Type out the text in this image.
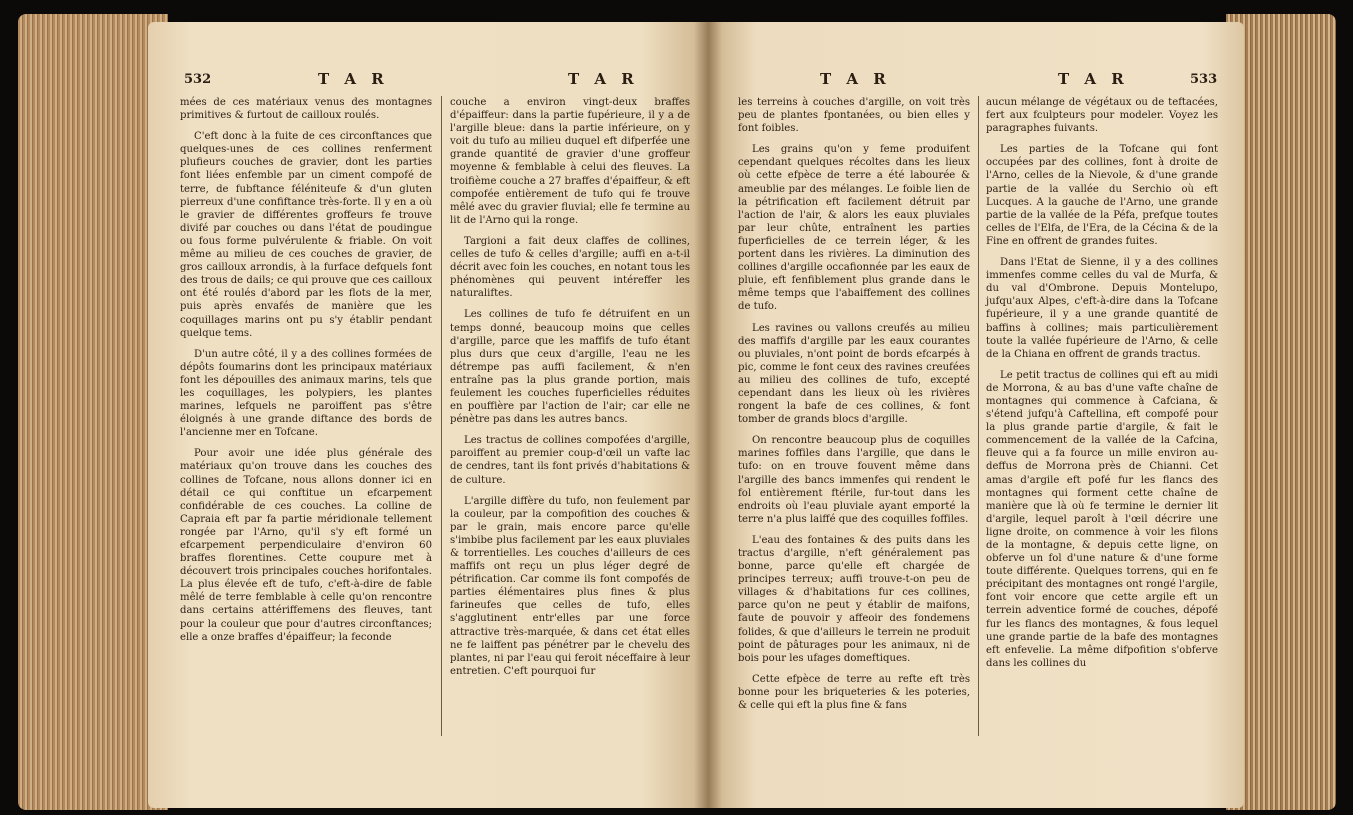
532	T A R	T A R

mées de ces matériaux venus des montagnes primitives & furtout de cailloux roulés.

C'eft donc à la fuite de ces circonftances que quelques-unes de ces collines renferment plufieurs couches de gravier, dont les parties font liées enfemble par un ciment compofé de terre, de fubftance féléniteufe & d'un gluten pierreux d'une confiftance très-forte. Il y en a où le gravier de différentes groffeurs fe trouve divifé par couches ou dans l'état de poudingue ou fous forme pulvérulente & friable. On voit même au milieu de ces couches de gravier, de gros cailloux arrondis, à la furface defquels font des trous de dails; ce qui prouve que ces cailloux ont été roulés d'abord par les flots de la mer, puis après envafés de manière que les coquillages marins ont pu s'y établir pendant quelque tems.

D'un autre côté, il y a des collines formées de dépôts foumarins dont les principaux matériaux font les dépouilles des animaux marins, tels que les coquillages, les polypiers, les plantes marines, lefquels ne paroiffent pas s'être éloignés à une grande diftance des bords de l'ancienne mer en Tofcane.

Pour avoir une idée plus générale des matériaux qu'on trouve dans les couches des collines de Tofcane, nous allons donner ici en détail ce qui conftitue un efcarpement confidérable de ces couches. La colline de Capraia eft par fa partie méridionale tellement rongée par l'Arno, qu'il s'y eft formé un efcarpement perpendiculaire d'environ 60 braffes florentines. Cette coupure met à découvert trois principales couches horifontales. La plus élevée eft de tufo, c'eft-à-dire de fable mêlé de terre femblable à celle qu'on rencontre dans certains attériffemens des fleuves, tant pour la couleur que pour d'autres circonftances; elle a onze braffes d'épaiffeur; la feconde

couche a environ vingt-deux braffes d'épaiffeur: dans la partie fupérieure, il y a de l'argille bleue: dans la partie inférieure, on y voit du tufo au milieu duquel eft difperfée une grande quantité de gravier d'une groffeur moyenne & femblable à celui des fleuves. La troifième couche a 27 braffes d'épaiffeur, & eft compofée entièrement de tufo qui fe trouve mêlé avec du gravier fluvial; elle fe termine au lit de l'Arno qui la ronge.

Targioni a fait deux claffes de collines, celles de tufo & celles d'argille; auffi en a-t-il décrit avec foin les couches, en notant tous les phénomènes qui peuvent intéreffer les naturaliftes.

Les collines de tufo fe détruifent en un temps donné, beaucoup moins que celles d'argille, parce que les maffifs de tufo étant plus durs que ceux d'argille, l'eau ne les détrempe pas auffi facilement, & n'en entraîne pas la plus grande portion, mais feulement les couches fuperficielles réduites en pouffière par l'action de l'air; car elle ne pénètre pas dans les autres bancs.

Les tractus de collines compofées d'argille, paroiffent au premier coup-d'œil un vafte lac de cendres, tant ils font privés d'habitations & de culture.

L'argille diffère du tufo, non feulement par la couleur, par la compofition des couches & par le grain, mais encore parce qu'elle s'imbibe plus facilement par les eaux pluviales & torrentielles. Les couches d'ailleurs de ces maffifs ont reçu un plus léger degré de pétrification. Car comme ils font compofés de parties élémentaires plus fines & plus farineufes que celles de tufo, elles s'agglutinent entr'elles par une force attractive très-marquée, & dans cet état elles ne fe laiffent pas pénétrer par le chevelu des plantes, ni par l'eau qui feroit néceffaire à leur entretien. C'eft pourquoi fur

T A R	T A R	533

les terreins à couches d'argille, on voit très peu de plantes fpontanées, ou bien elles y font foibles.

Les grains qu'on y feme produifent cependant quelques récoltes dans les lieux où cette efpèce de terre a été labourée & ameublie par des mélanges. Le foible lien de la pétrification eft facilement détruit par l'action de l'air, & alors les eaux pluviales par leur chûte, entraînent les parties fuperficielles de ce terrein léger, & les portent dans les rivières. La diminution des collines d'argille occafionnée par les eaux de pluie, eft fenfiblement plus grande dans le même temps que l'abaiffement des collines de tufo.

Les ravines ou vallons creufés au milieu des maffifs d'argille par les eaux courantes ou pluviales, n'ont point de bords efcarpés à pic, comme le font ceux des ravines creufées au milieu des collines de tufo, excepté cependant dans les lieux où les rivières rongent la bafe de ces collines, & font tomber de grands blocs d'argille.

On rencontre beaucoup plus de coquilles marines foffiles dans l'argille, que dans le tufo: on en trouve fouvent même dans l'argille des bancs immenfes qui rendent le fol entièrement ftérile, fur-tout dans les endroits où l'eau pluviale ayant emporté la terre n'a plus laiffé que des coquilles foffiles.

L'eau des fontaines & des puits dans les tractus d'argille, n'eft généralement pas bonne, parce qu'elle eft chargée de principes terreux; auffi trouve-t-on peu de villages & d'habitations fur ces collines, parce qu'on ne peut y établir de maifons, faute de pouvoir y affeoir des fondemens folides, & que d'ailleurs le terrein ne produit point de pâturages pour les animaux, ni de bois pour les ufages domeftiques.

Cette efpèce de terre au refte eft très bonne pour les briqueteries & les poteries, & celle qui eft la plus fine & fans

aucun mélange de végétaux ou de teftacées, fert aux fculpteurs pour modeler. Voyez les paragraphes fuivants.

Les parties de la Tofcane qui font occupées par des collines, font à droite de l'Arno, celles de la Nievole, & d'une grande partie de la vallée du Serchio où eft Lucques. A la gauche de l'Arno, une grande partie de la vallée de la Péfa, prefque toutes celles de l'Elfa, de l'Era, de la Cécina & de la Fine en offrent de grandes fuites.

Dans l'Etat de Sienne, il y a des collines immenfes comme celles du val de Murfa, & du val d'Ombrone. Depuis Montelupo, jufqu'aux Alpes, c'eft-à-dire dans la Tofcane fupérieure, il y a une grande quantité de baffins à collines; mais particulièrement toute la vallée fupérieure de l'Arno, & celle de la Chiana en offrent de grands tractus.

Le petit tractus de collines qui eft au midi de Morrona, & au bas d'une vafte chaîne de montagnes qui commence à Cafciana, & s'étend jufqu'à Caftellina, eft compofé pour la plus grande partie d'argile, & fait le commencement de la vallée de la Cafcina, fleuve qui a fa fource un mille environ au-deffus de Morrona près de Chianni. Cet amas d'argile eft pofé fur les flancs des montagnes qui forment cette chaîne de manière que là où fe termine le dernier lit d'argile, lequel paroît à l'œil décrire une ligne droite, on commence à voir les filons de la montagne, & depuis cette ligne, on obferve un fol d'une nature & d'une forme toute différente. Quelques torrens, qui en fe précipitant des montagnes ont rongé l'argile, font voir encore que cette argile eft un terrein adventice formé de couches, dépofé fur les flancs des montagnes, & fous lequel une grande partie de la bafe des montagnes eft enfevelie. La même difpofition s'obferve dans les collines du
